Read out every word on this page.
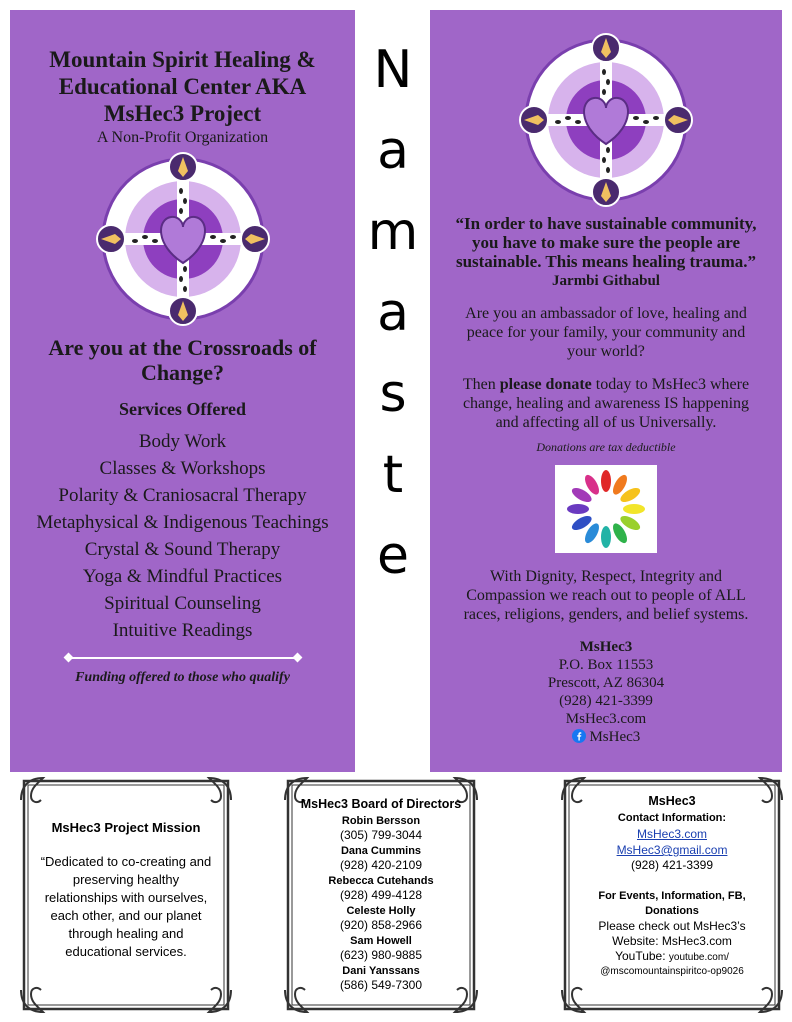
Mountain Spirit Healing &
Educational Center AKA
MsHec3 Project
A Non-Profit Organization
Are you at the Crossroads of
Change?
Services Offered
Body Work
Classes & Workshops
Polarity & Craniosacral Therapy
Metaphysical & Indigenous Teachings
Crystal & Sound Therapy
Yoga & Mindful Practices
Spiritual Counseling
Intuitive Readings
Funding offered to those who qualify
N
a
m
a
s
t
e
“In order to have sustainable community,
you have to make sure the people are
sustainable. This means healing trauma.”
Jarmbi Githabul
Are you an ambassador of love, healing and
peace for your family, your community and
your world?
Then please donate today to MsHec3 where
change, healing and awareness IS happening
and affecting all of us Universally.
Donations are tax deductible
With Dignity, Respect, Integrity and
Compassion we reach out to people of ALL
races, religions, genders, and belief systems.
MsHec3
P.O. Box 11553
Prescott, AZ 86304
(928) 421-3399
MsHec3.com
MsHec3
MsHec3 Project Mission
“Dedicated to co-creating and preserving healthy relationships with ourselves, each other, and our planet through healing and educational services.
MsHec3 Board of Directors
Robin Bersson
(305) 799-3044
Dana Cummins
(928) 420-2109
Rebecca Cutehands
(928) 499-4128
Celeste Holly
(920) 858-2966
Sam Howell
(623) 980-9885
Dani Yanssans
(586) 549-7300
MsHec3
Contact Information:
MsHec3.com
MsHec3@gmail.com
(928) 421-3399
For Events, Information, FB,
Donations
Please check out MsHec3’s
Website: MsHec3.com
YouTube: youtube.com/
@mscomountainspiritco-op9026
